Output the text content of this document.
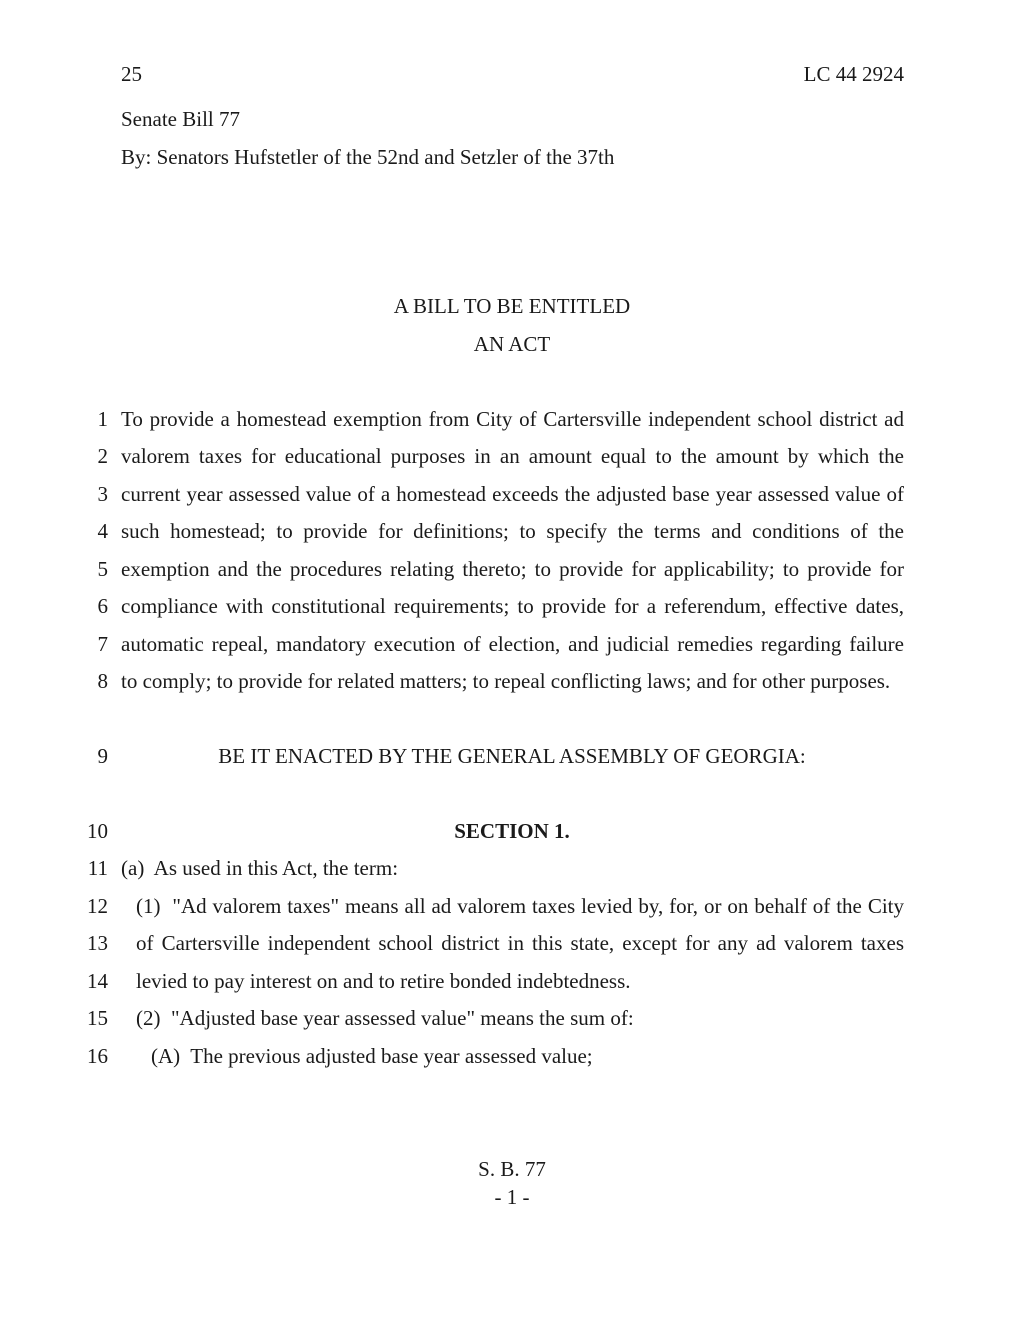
25	LC 44 2924
Senate Bill 77
By: Senators Hufstetler of the 52nd and Setzler of the 37th
A BILL TO BE ENTITLED
AN ACT
1 To provide a homestead exemption from City of Cartersville independent school district ad
2 valorem taxes for educational purposes in an amount equal to the amount by which the
3 current year assessed value of a homestead exceeds the adjusted base year assessed value of
4 such homestead; to provide for definitions; to specify the terms and conditions of the
5 exemption and the procedures relating thereto; to provide for applicability; to provide for
6 compliance with constitutional requirements; to provide for a referendum, effective dates,
7 automatic repeal, mandatory execution of election, and judicial remedies regarding failure
8 to comply; to provide for related matters; to repeal conflicting laws; and for other purposes.
9	BE IT ENACTED BY THE GENERAL ASSEMBLY OF GEORGIA:
10	SECTION 1.
11 (a)  As used in this Act, the term:
12 (1)  "Ad valorem taxes" means all ad valorem taxes levied by, for, or on behalf of the City
13 of Cartersville independent school district in this state, except for any ad valorem taxes
14 levied to pay interest on and to retire bonded indebtedness.
15 (2)  "Adjusted base year assessed value" means the sum of:
16 (A)  The previous adjusted base year assessed value;
S. B. 77
- 1 -
